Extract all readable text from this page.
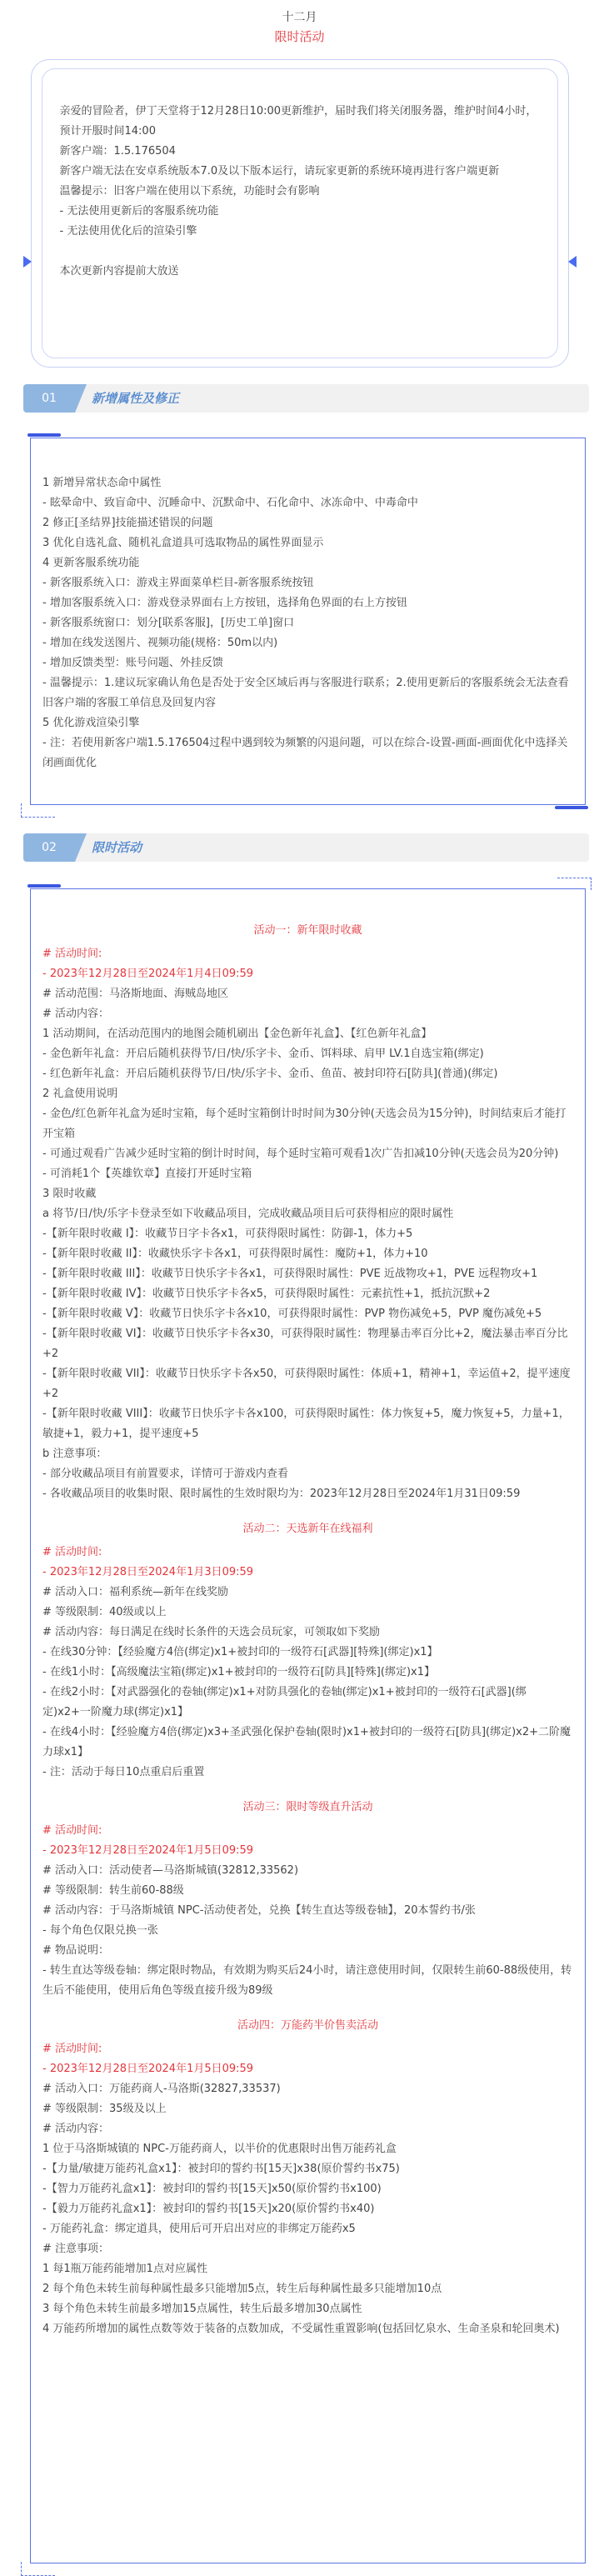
十二月
限时活动
亲爱的冒险者，伊丁天堂将于12月28日10:00更新维护，届时我们将关闭服务器，维护时间4小时，预计开服时间14:00
新客户端：1.5.176504
新客户端无法在安卓系统版本7.0及以下版本运行，请玩家更新的系统环境再进行客户端更新
温馨提示：旧客户端在使用以下系统，功能时会有影响
- 无法使用更新后的客服系统功能
- 无法使用优化后的渲染引擎

本次更新内容提前大放送
01	新增属性及修正
1 新增异常状态命中属性
- 眩晕命中、致盲命中、沉睡命中、沉默命中、石化命中、冰冻命中、中毒命中
2 修正[圣结界]技能描述错误的问题
3 优化自选礼盒、随机礼盒道具可选取物品的属性界面显示
4 更新客服系统功能
- 新客服系统入口：游戏主界面菜单栏目-新客服系统按钮
- 增加客服系统入口：游戏登录界面右上方按钮，选择角色界面的右上方按钮
- 新客服系统窗口：划分[联系客服]，[历史工单]窗口
- 增加在线发送图片、视频功能(规格：50m以内)
- 增加反馈类型：账号问题、外挂反馈
- 温馨提示：1.建议玩家确认角色是否处于安全区域后再与客服进行联系；2.使用更新后的客服系统会无法查看旧客户端的客服工单信息及回复内容
5 优化游戏渲染引擎
- 注：若使用新客户端1.5.176504过程中遇到较为频繁的闪退问题，可以在综合-设置-画面-画面优化中选择关闭画面优化
02	限时活动
活动一：新年限时收藏
# 活动时间:
- 2023年12月28日至2024年1月4日09:59
# 活动范围：马洛斯地面、海贼岛地区
# 活动内容：
1 活动期间，在活动范围内的地图会随机刷出【金色新年礼盒】、【红色新年礼盒】
- 金色新年礼盒：开启后随机获得节/日/快/乐字卡、金币、饵料球、肩甲 LV.1自选宝箱(绑定)
- 红色新年礼盒：开启后随机获得节/日/快/乐字卡、金币、鱼苗、被封印符石[防具](普通)(绑定)
2 礼盒使用说明
- 金色/红色新年礼盒为延时宝箱，每个延时宝箱倒计时时间为30分钟(天选会员为15分钟)，时间结束后才能打开宝箱
- 可通过观看广告减少延时宝箱的倒计时时间，每个延时宝箱可观看1次广告扣减10分钟(天选会员为20分钟)
- 可消耗1个【英雄钦章】直接打开延时宝箱
3 限时收藏
a 将节/日/快/乐字卡登录至如下收藏品项目，完成收藏品项目后可获得相应的限时属性
-【新年限时收藏 I】：收藏节日字卡各x1，可获得限时属性：防御-1，体力+5
-【新年限时收藏 II】：收藏快乐字卡各x1，可获得限时属性：魔防+1，体力+10
-【新年限时收藏 III】：收藏节日快乐字卡各x1，可获得限时属性：PVE 近战物攻+1，PVE 远程物攻+1
-【新年限时收藏 IV】：收藏节日快乐字卡各x5，可获得限时属性：元素抗性+1，抵抗沉默+2
-【新年限时收藏 V】：收藏节日快乐字卡各x10，可获得限时属性：PVP 物伤减免+5，PVP 魔伤减免+5
-【新年限时收藏 VI】：收藏节日快乐字卡各x30，可获得限时属性：物理暴击率百分比+2，魔法暴击率百分比+2
-【新年限时收藏 VII】：收藏节日快乐字卡各x50，可获得限时属性：体质+1，精神+1，幸运值+2，提平速度+2
-【新年限时收藏 VIII】：收藏节日快乐字卡各x100，可获得限时属性：体力恢复+5，魔力恢复+5，力量+1，敏捷+1，毅力+1，提平速度+5
b 注意事项：
- 部分收藏品项目有前置要求，详情可于游戏内查看
- 各收藏品项目的收集时限、限时属性的生效时限均为：2023年12月28日至2024年1月31日09:59
活动二：天选新年在线福利
# 活动时间:
- 2023年12月28日至2024年1月3日09:59
# 活动入口：福利系统—新年在线奖励
# 等级限制：40级或以上
# 活动内容：每日满足在线时长条件的天选会员玩家，可领取如下奖励
- 在线30分钟：【经验魔方4倍(绑定)x1+被封印的一级符石[武器][特殊](绑定)x1】
- 在线1小时：【高级魔法宝箱(绑定)x1+被封印的一级符石[防具][特殊](绑定)x1】
- 在线2小时：【对武器强化的卷轴(绑定)x1+对防具强化的卷轴(绑定)x1+被封印的一级符石[武器](绑定)x2+一阶魔力球(绑定)x1】
- 在线4小时：【经验魔方4倍(绑定)x3+圣武强化保护卷轴(限时)x1+被封印的一级符石[防具](绑定)x2+二阶魔力球x1】
- 注：活动于每日10点重启后重置
活动三：限时等级直升活动
# 活动时间:
- 2023年12月28日至2024年1月5日09:59
# 活动入口：活动使者—马洛斯城镇(32812,33562)
# 等级限制：转生前60-88级
# 活动内容：于马洛斯城镇 NPC-活动使者处，兑换【转生直达等级卷轴】，20本誓约书/张
- 每个角色仅限兑换一张
# 物品说明：
- 转生直达等级卷轴：绑定限时物品，有效期为购买后24小时，请注意使用时间，仅限转生前60-88级使用，转生后不能使用，使用后角色等级直接升级为89级
活动四：万能药半价售卖活动
# 活动时间:
- 2023年12月28日至2024年1月5日09:59
# 活动入口：万能药商人-马洛斯(32827,33537)
# 等级限制：35级及以上
# 活动内容：
1 位于马洛斯城镇的 NPC-万能药商人，以半价的优惠限时出售万能药礼盒
-【力量/敏捷万能药礼盒x1】：被封印的誓约书[15天]x38(原价誓约书x75)
-【智力万能药礼盒x1】：被封印的誓约书[15天]x50(原价誓约书x100)
-【毅力万能药礼盒x1】：被封印的誓约书[15天]x20(原价誓约书x40)
- 万能药礼盒：绑定道具，使用后可开启出对应的非绑定万能药x5
# 注意事项：
1 每1瓶万能药能增加1点对应属性
2 每个角色未转生前每种属性最多只能增加5点，转生后每种属性最多只能增加10点
3 每个角色未转生前最多增加15点属性，转生后最多增加30点属性
4 万能药所增加的属性点数等效于装备的点数加成，不受属性重置影响(包括回忆泉水、生命圣泉和轮回奥术)
